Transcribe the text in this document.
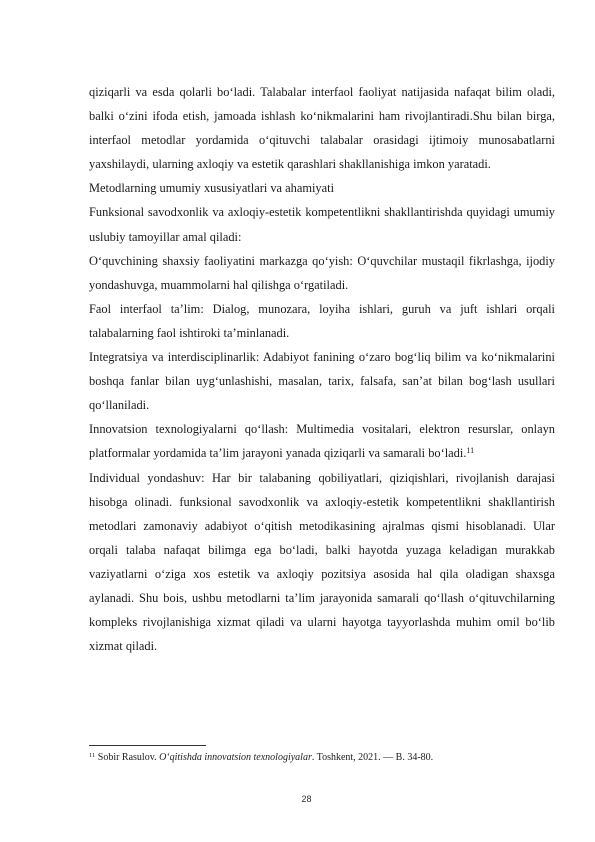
qiziqarli va esda qolarli bo‘ladi. Talabalar interfaol faoliyat natijasida nafaqat bilim oladi, balki o‘zini ifoda etish, jamoada ishlash ko‘nikmalarini ham rivojlantiradi.Shu bilan birga, interfaol metodlar yordamida o‘qituvchi talabalar orasidagi ijtimoiy munosabatlarni yaxshilaydi, ularning axloqiy va estetik qarashlari shakllanishiga imkon yaratadi.

Metodlarning umumiy xususiyatlari va ahamiyati

Funksional savodxonlik va axloqiy-estetik kompetentlikni shakllantirishda quyidagi umumiy uslubiy tamoyillar amal qiladi:

O‘quvchining shaxsiy faoliyatini markazga qo‘yish: O‘quvchilar mustaqil fikrlashga, ijodiy yondashuvga, muammolarni hal qilishga o‘rgatiladi.

Faol interfaol ta’lim: Dialog, munozara, loyiha ishlari, guruh va juft ishlari orqali talabalarning faol ishtiroki ta’minlanadi.

Integratsiya va interdisciplinarlik: Adabiyot fanining o‘zaro bog‘liq bilim va ko‘nikmalarini boshqa fanlar bilan uyg‘unlashishi, masalan, tarix, falsafa, san’at bilan bog‘lash usullari qo‘llaniladi.

Innovatsion texnologiyalarni qo‘llash: Multimedia vositalari, elektron resurslar, onlayn platformalar yordamida ta’lim jarayoni yanada qiziqarli va samarali bo‘ladi.$^{11}$

Individual yondashuv: Har bir talabaning qobiliyatlari, qiziqishlari, rivojlanish darajasi hisobga olinadi. funksional savodxonlik va axloqiy-estetik kompetentlikni shakllantirish metodlari zamonaviy adabiyot o‘qitish metodikasining ajralmas qismi hisoblanadi. Ular orqali talaba nafaqat bilimga ega bo‘ladi, balki hayotda yuzaga keladigan murakkab vaziyatlarni o‘ziga xos estetik va axloqiy pozitsiya asosida hal qila oladigan shaxsga aylanadi. Shu bois, ushbu metodlarni ta’lim jarayonida samarali qo‘llash o‘qituvchilarning kompleks rivojlanishiga xizmat qiladi va ularni hayotga tayyorlashda muhim omil bo‘lib xizmat qiladi.

$^{11}$ Sobir Rasulov. O‘qitishda innovatsion texnologiyalar. Toshkent, 2021. — B. 34-80.
28
